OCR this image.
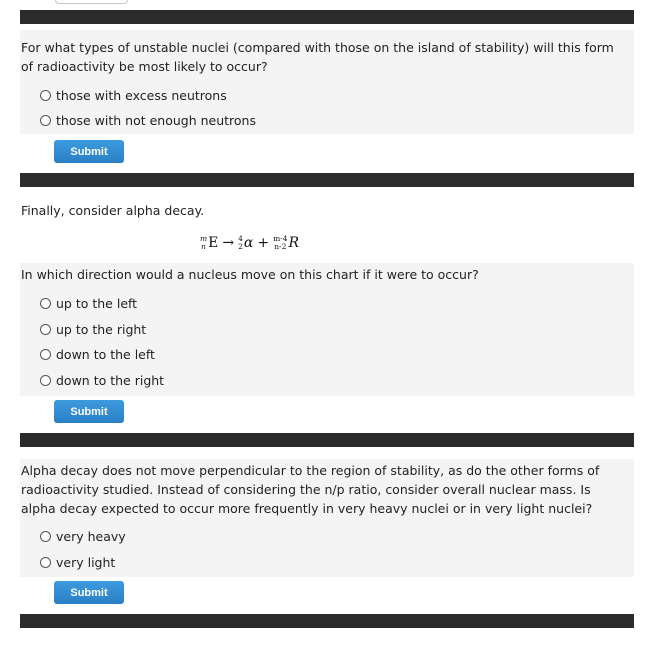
For what types of unstable nuclei (compared with those on the island of stability) will this form of radioactivity be most likely to occur?
those with excess neutrons
those with not enough neutrons
Submit
Finally, consider alpha decay.
m
n E → 4
2 α + m-4
n-2 R
In which direction would a nucleus move on this chart if it were to occur?
up to the left
up to the right
down to the left
down to the right
Submit
Alpha decay does not move perpendicular to the region of stability, as do the other forms of radioactivity studied. Instead of considering the n/p ratio, consider overall nuclear mass. Is alpha decay expected to occur more frequently in very heavy nuclei or in very light nuclei?
very heavy
very light
Submit
